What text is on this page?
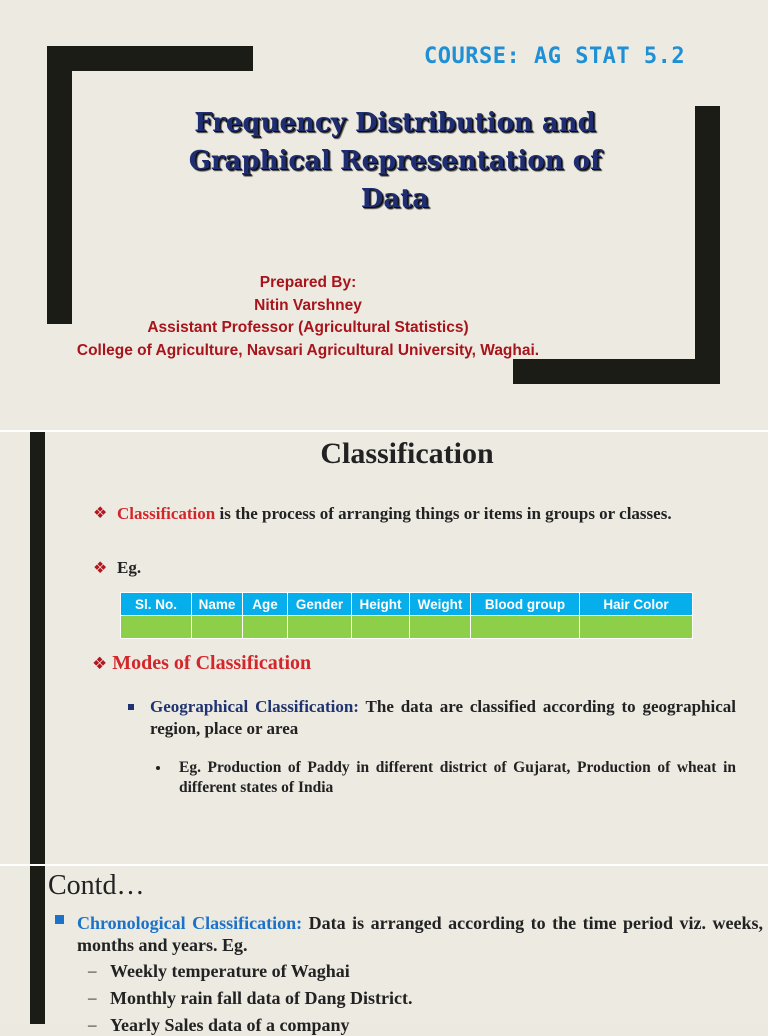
COURSE: AG STAT 5.2
Frequency Distribution and
Graphical Representation of
Data
Prepared By:
Nitin Varshney
Assistant Professor (Agricultural Statistics)
College of Agriculture, Navsari Agricultural University, Waghai.
Classification
❖ Classification is the process of arranging things or items in groups or classes.
❖ Eg.
Sl. No.	Name	Age	Gender	Height	Weight	Blood group	Hair Color

❖ Modes of Classification
Geographical Classification: The data are classified according to geographical region, place or area
Eg. Production of Paddy in different district of Gujarat, Production of wheat in different states of India
Contd…
Chronological Classification: Data is arranged according to the time period viz. weeks, months and years. Eg.
– Weekly temperature of Waghai
– Monthly rain fall data of Dang District.
– Yearly Sales data of a company
